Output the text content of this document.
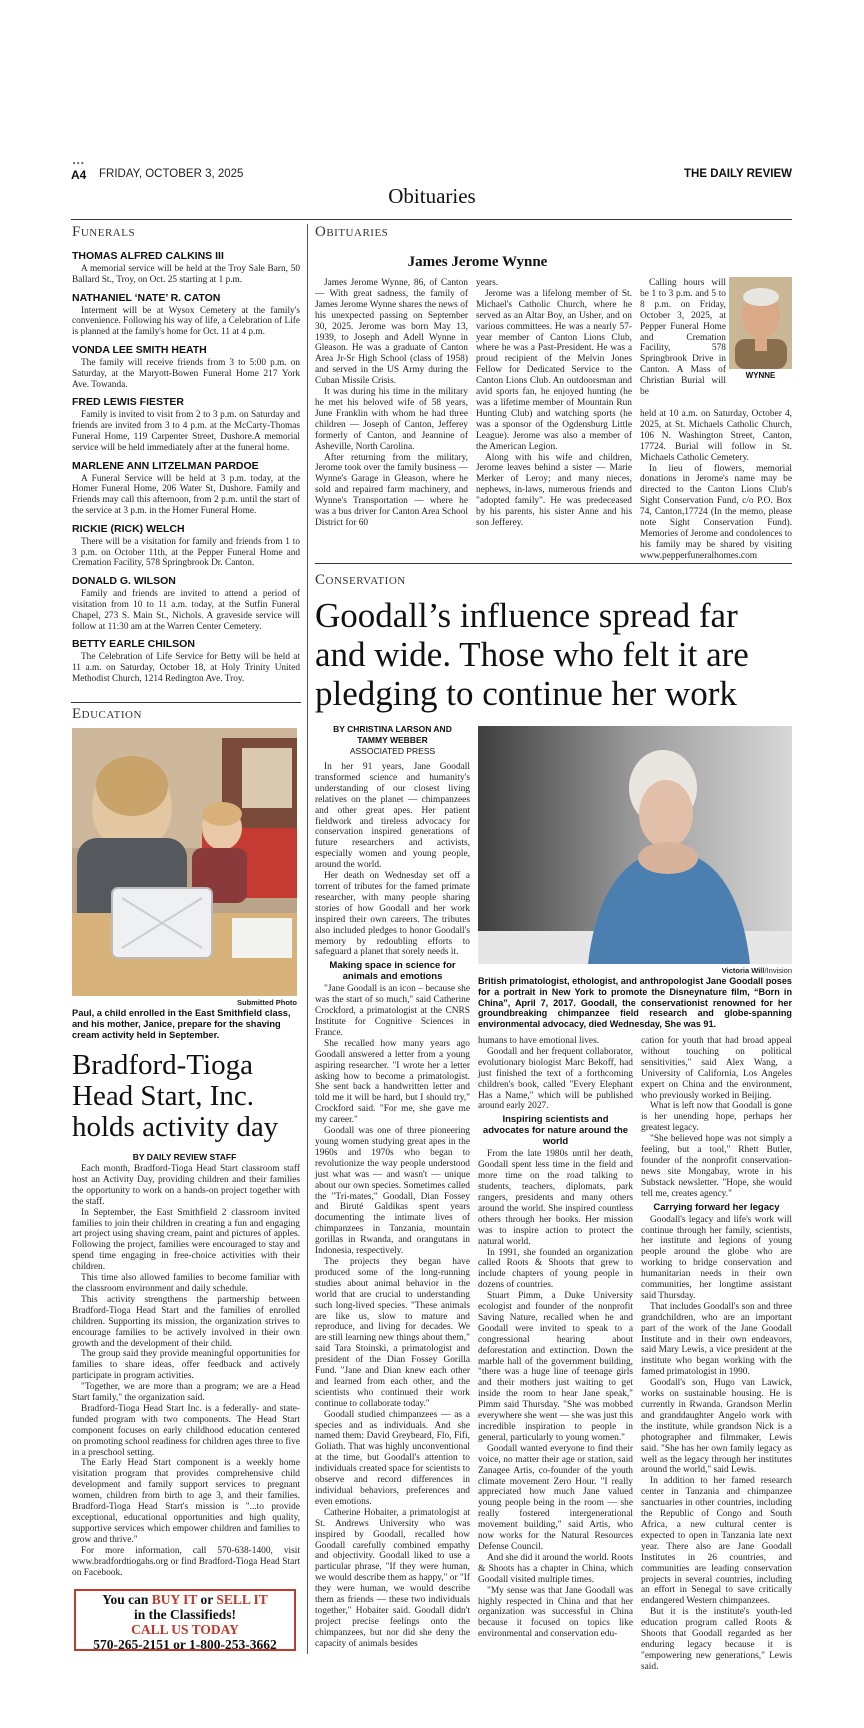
•••
A4 FRIDAY, OCTOBER 3, 2025	THE DAILY REVIEW
Obituaries
Funerals
THOMAS ALFRED CALKINS III

A memorial service will be held at the Troy Sale Barn, 50 Ballard St., Troy, on Oct. 25 starting at 1 p.m.

NATHANIEL ‘NATE’ R. CATON

Interment will be at Wysox Cemetery at the family's convenience. Following his way of life, a Celebration of Life is planned at the family's home for Oct. 11 at 4 p.m.

VONDA LEE SMITH HEATH

The family will receive friends from 3 to 5:00 p.m. on Saturday, at the Maryott-Bowen Funeral Home 217 York Ave. Towanda.

FRED LEWIS FIESTER

Family is invited to visit from 2 to 3 p.m. on Saturday and friends are invited from 3 to 4 p.m. at the McCarty-Thomas Funeral Home, 119 Carpenter Street, Dushore.A memorial service will be held immediately after at the funeral home.

MARLENE ANN LITZELMAN PARDOE

A Funeral Service will be held at 3 p.m. today, at the Homer Funeral Home, 206 Water St, Dushore. Family and Friends may call this afternoon, from 2 p.m. until the start of the service at 3 p.m. in the Homer Funeral Home.

RICKIE (RICK) WELCH

There will be a visitation for family and friends from 1 to 3 p.m. on October 11th, at the Pepper Funeral Home and Cremation Facility, 578 Springbrook Dr. Canton.

DONALD G. WILSON

Family and friends are invited to attend a period of visitation from 10 to 11 a.m. today, at the Sutfin Funeral Chapel, 273 S. Main St., Nichols. A graveside service will follow at 11:30 am at the Warren Center Cemetery.

BETTY EARLE CHILSON

The Celebration of Life Service for Betty will be held at 11 a.m. on Saturday, October 18, at Holy Trinity United Methodist Church, 1214 Redington Ave. Troy.

Education
Submitted Photo
Paul, a child enrolled in the East Smithfield class, and his mother, Janice, prepare for the shaving cream activity held in September.
Bradford-Tioga Head Start, Inc. holds activity day
BY DAILY REVIEW STAFF

Each month, Bradford-Tioga Head Start classroom staff host an Activity Day, providing children and their families the opportunity to work on a hands-on project together with the staff.

In September, the East Smithfield 2 classroom invited families to join their children in creating a fun and engaging art project using shaving cream, paint and pictures of apples. Following the project, families were encouraged to stay and spend time engaging in free-choice activities with their children.

This time also allowed families to become familiar with the classroom environment and daily schedule.

This activity strengthens the partnership between Bradford-Tioga Head Start and the families of enrolled children. Supporting its mission, the organization strives to encourage families to be actively involved in their own growth and the development of their child.

The group said they provide meaningful opportunities for families to share ideas, offer feedback and actively participate in program activities.

"Together, we are more than a program; we are a Head Start family," the organization said.

Bradford-Tioga Head Start Inc. is a federally- and state-funded program with two components. The Head Start component focuses on early childhood education centered on promoting school readiness for children ages three to five in a preschool setting.

The Early Head Start component is a weekly home visitation program that provides comprehensive child development and family support services to pregnant women, children from birth to age 3, and their families. Bradford-Tioga Head Start's mission is "...to provide exceptional, educational opportunities and high quality, supportive services which empower children and families to grow and thrive."

For more information, call 570-638-1400, visit www.bradfordtiogahs.org or find Bradford-Tioga Head Start on Facebook.

You can BUY IT or SELL IT
in the Classifieds!
CALL US TODAY
570-265-2151 or 1-800-253-3662
Obituaries
James Jerome Wynne

James Jerome Wynne, 86, of Canton — With great sadness, the family of James Jerome Wynne shares the news of his unexpected passing on September 30, 2025. Jerome was born May 13, 1939, to Joseph and Adell Wynne in Gleason. He was a graduate of Canton Area Jr-Sr High School (class of 1958) and served in the US Army during the Cuban Missile Crisis.

It was during his time in the military he met his beloved wife of 58 years, June Franklin with whom he had three children — Joseph of Canton, Jefferey formerly of Canton, and Jeannine of Asheville, North Carolina.

After returning from the military, Jerome took over the family business — Wynne's Garage in Gleason, where he sold and repaired farm machinery, and Wynne's Transportation — where he was a bus driver for Canton Area School District for 60

years.

Jerome was a lifelong member of St. Michael's Catholic Church, where he served as an Altar Boy, an Usher, and on various committees. He was a nearly 57-year member of Canton Lions Club, where he was a Past-President. He was a proud recipient of the Melvin Jones Fellow for Dedicated Service to the Canton Lions Club. An outdoorsman and avid sports fan, he enjoyed hunting (he was a lifetime member of Mountain Run Hunting Club) and watching sports (he was a sponsor of the Ogdensburg Little League). Jerome was also a member of the American Legion.

Along with his wife and children, Jerome leaves behind a sister — Marie Merker of Leroy; and many nieces, nephews, in-laws, numerous friends and "adopted family". He was predeceased by his parents, his sister Anne and his son Jefferey.

Calling hours will be 1 to 3 p.m. and 5 to 8 p.m. on Friday, October 3, 2025, at Pepper Funeral Home and Cremation Facility, 578 Springbrook Drive in Canton. A Mass of Christian Burial will be

WYNNE

held at 10 a.m. on Saturday, October 4, 2025, at St. Michaels Catholic Church, 106 N. Washington Street, Canton, 17724. Burial will follow in St. Michaels Catholic Cemetery.

In lieu of flowers, memorial donations in Jerome's name may be directed to the Canton Lions Club's Sight Conservation Fund, c/o P.O. Box 74, Canton,17724 (In the memo, please note Sight Conservation Fund). Memories of Jerome and condolences to his family may be shared by visiting www.pepperfuneralhomes.com

Conservation
Goodall’s influence spread far and wide. Those who felt it are pledging to continue her work
BY CHRISTINA LARSON AND
TAMMY WEBBER
ASSOCIATED PRESS
Victoria Will/Invision
British primatologist, ethologist, and anthropologist Jane Goodall poses for a portrait in New York to promote the Disneynature film, “Born in China”, April 7, 2017. Goodall, the conservationist renowned for her groundbreaking chimpanzee field research and globe-spanning environmental advocacy, died Wednesday, She was 91.

In her 91 years, Jane Goodall transformed science and humanity's understanding of our closest living relatives on the planet — chimpanzees and other great apes. Her patient fieldwork and tireless advocacy for conservation inspired generations of future researchers and activists, especially women and young people, around the world.

Her death on Wednesday set off a torrent of tributes for the famed primate researcher, with many people sharing stories of how Goodall and her work inspired their own careers. The tributes also included pledges to honor Goodall's memory by redoubling efforts to safeguard a planet that sorely needs it.

Making space in science for animals and emotions

"Jane Goodall is an icon – because she was the start of so much," said Catherine Crockford, a primatologist at the CNRS Institute for Cognitive Sciences in France.

She recalled how many years ago Goodall answered a letter from a young aspiring researcher. "I wrote her a letter asking how to become a primatologist. She sent back a handwritten letter and told me it will be hard, but I should try," Crockford said. "For me, she gave me my career."

Goodall was one of three pioneering young women studying great apes in the 1960s and 1970s who began to revolutionize the way people understood just what was — and wasn't — unique about our own species. Sometimes called the "Tri-mates," Goodall, Dian Fossey and Biruté Galdikas spent years documenting the intimate lives of chimpanzees in Tanzania, mountain gorillas in Rwanda, and orangutans in Indonesia, respectively.

The projects they began have produced some of the long-running studies about animal behavior in the world that are crucial to understanding such long-lived species. "These animals are like us, slow to mature and reproduce, and living for decades. We are still learning new things about them," said Tara Stoinski, a primatologist and president of the Dian Fossey Gorilla Fund. "Jane and Dian knew each other and learned from each other, and the scientists who continued their work continue to collaborate today."

Goodall studied chimpanzees — as a species and as individuals. And she named them: David Greybeard, Flo, Fifi, Goliath. That was highly unconventional at the time, but Goodall's attention to individuals created space for scientists to observe and record differences in individual behaviors, preferences and even emotions.

Catherine Hobaiter, a primatologist at St. Andrews University who was inspired by Goodall, recalled how Goodall carefully combined empathy and objectivity. Goodall liked to use a particular phrase, "If they were human, we would describe them as happy," or "If they were human, we would describe them as friends — these two individuals together," Hobaiter said. Goodall didn't project precise feelings onto the chimpanzees, but nor did she deny the capacity of animals besides

humans to have emotional lives.

Goodall and her frequent collaborator, evolutionary biologist Marc Bekoff, had just finished the text of a forthcoming children's book, called "Every Elephant Has a Name," which will be published around early 2027.

Inspiring scientists and advocates for nature around the world

From the late 1980s until her death, Goodall spent less time in the field and more time on the road talking to students, teachers, diplomats, park rangers, presidents and many others around the world. She inspired countless others through her books. Her mission was to inspire action to protect the natural world.

In 1991, she founded an organization called Roots & Shoots that grew to include chapters of young people in dozens of countries.

Stuart Pimm, a Duke University ecologist and founder of the nonprofit Saving Nature, recalled when he and Goodall were invited to speak to a congressional hearing about deforestation and extinction. Down the marble hall of the government building, "there was a huge line of teenage girls and their mothers just waiting to get inside the room to hear Jane speak," Pimm said Thursday. "She was mobbed everywhere she went — she was just this incredible inspiration to people in general, particularly to young women."

Goodall wanted everyone to find their voice, no matter their age or station, said Zanagee Artis, co-founder of the youth climate movement Zero Hour. "I really appreciated how much Jane valued young people being in the room — she really fostered intergenerational movement building," said Artis, who now works for the Natural Resources Defense Council.

And she did it around the world. Roots & Shoots has a chapter in China, which Goodall visited multiple times.

"My sense was that Jane Goodall was highly respected in China and that her organization was successful in China because it focused on topics like environmental and conservation edu-

cation for youth that had broad appeal without touching on political sensitivities," said Alex Wang, a University of California, Los Angeles expert on China and the environment, who previously worked in Beijing.

What is left now that Goodall is gone is her unending hope, perhaps her greatest legacy.

"She believed hope was not simply a feeling, but a tool," Rhett Butler, founder of the nonprofit conservation-news site Mongabay, wrote in his Substack newsletter. "Hope, she would tell me, creates agency."

Carrying forward her legacy

Goodall's legacy and life's work will continue through her family, scientists, her institute and legions of young people around the globe who are working to bridge conservation and humanitarian needs in their own communities, her longtime assistant said Thursday.

That includes Goodall's son and three grandchildren, who are an important part of the work of the Jane Goodall Institute and in their own endeavors, said Mary Lewis, a vice president at the institute who began working with the famed primatologist in 1990.

Goodall's son, Hugo van Lawick, works on sustainable housing. He is currently in Rwanda. Grandson Merlin and granddaughter Angelo work with the institute, while grandson Nick is a photographer and filmmaker, Lewis said. "She has her own family legacy as well as the legacy through her institutes around the world," said Lewis.

In addition to her famed research center in Tanzania and chimpanzee sanctuaries in other countries, including the Republic of Congo and South Africa, a new cultural center is expected to open in Tanzania late next year. There also are Jane Goodall Institutes in 26 countries, and communities are leading conservation projects in several countries, including an effort in Senegal to save critically endangered Western chimpanzees.

But it is the institute's youth-led education program called Roots & Shoots that Goodall regarded as her enduring legacy because it is "empowering new generations," Lewis said.
